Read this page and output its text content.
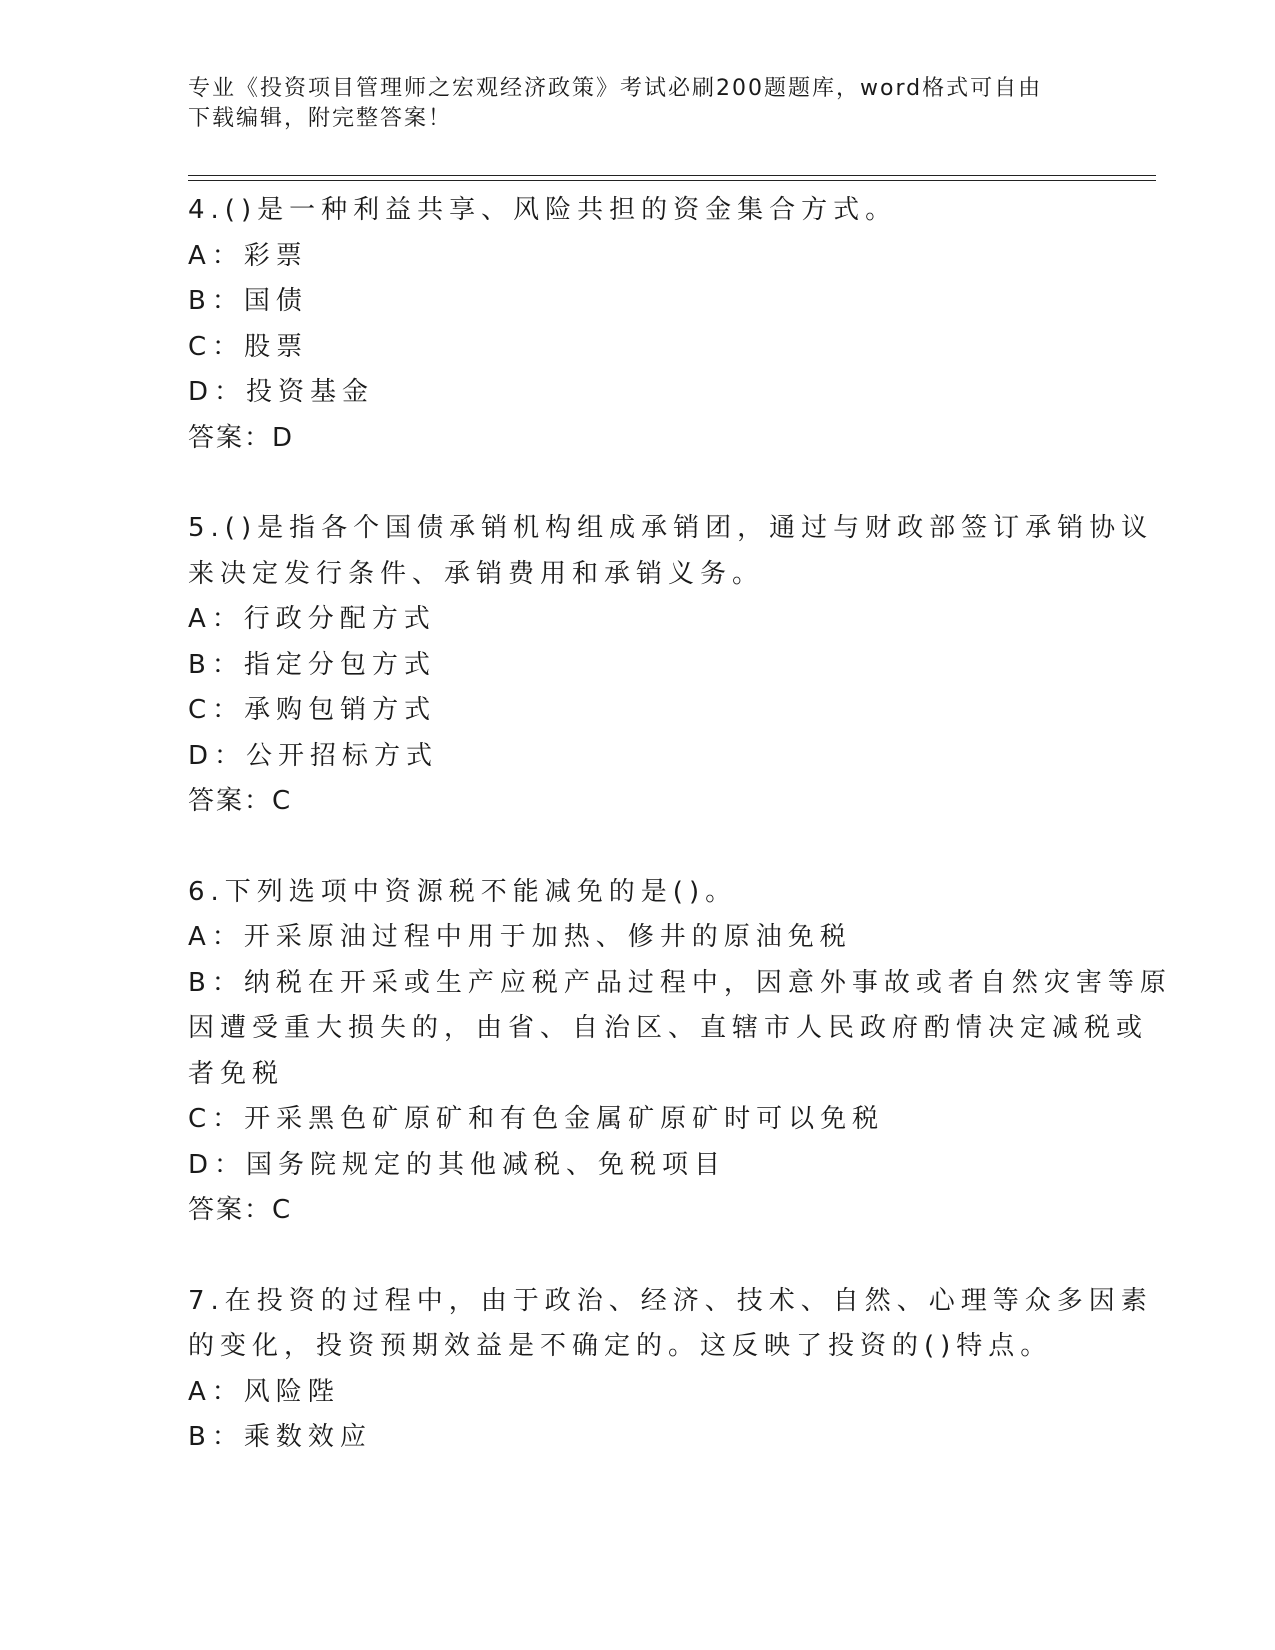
专业《投资项目管理师之宏观经济政策》考试必刷200题题库，word格式可自由
下载编辑，附完整答案！
4.()是一种利益共享、风险共担的资金集合方式。
A：彩票
B：国债
C：股票
D：投资基金
答案：D
5.()是指各个国债承销机构组成承销团，通过与财政部签订承销协议
来决定发行条件、承销费用和承销义务。
A：行政分配方式
B：指定分包方式
C：承购包销方式
D：公开招标方式
答案：C
6.下列选项中资源税不能减免的是()。
A：开采原油过程中用于加热、修井的原油免税
B：纳税在开采或生产应税产品过程中，因意外事故或者自然灾害等原
因遭受重大损失的，由省、自治区、直辖市人民政府酌情决定减税或
者免税
C：开采黑色矿原矿和有色金属矿原矿时可以免税
D：国务院规定的其他减税、免税项目
答案：C
7.在投资的过程中，由于政治、经济、技术、自然、心理等众多因素
的变化，投资预期效益是不确定的。这反映了投资的()特点。
A：风险陛
B：乘数效应
